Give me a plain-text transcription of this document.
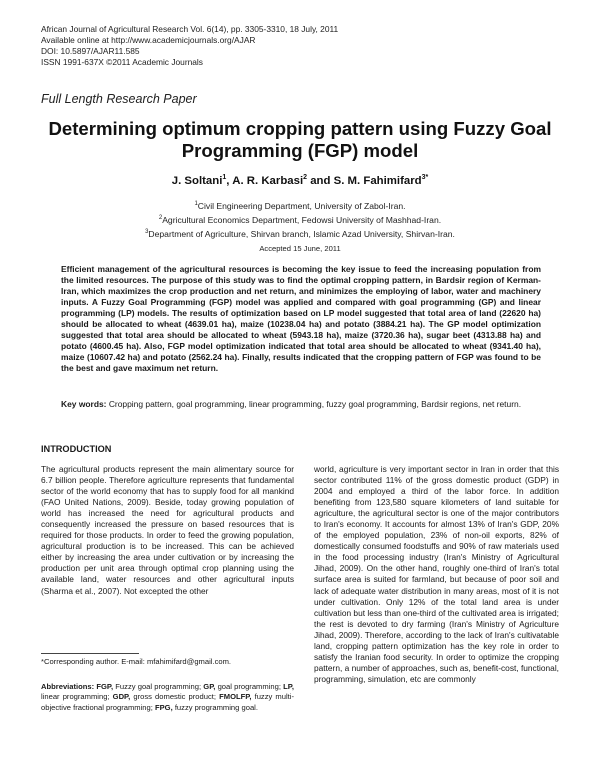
African Journal of Agricultural Research Vol. 6(14), pp. 3305-3310, 18 July, 2011
Available online at http://www.academicjournals.org/AJAR
DOI: 10.5897/AJAR11.585
ISSN 1991-637X ©2011 Academic Journals
Full Length Research Paper
Determining optimum cropping pattern using Fuzzy Goal Programming (FGP) model
J. Soltani$^1$, A. R. Karbasi$^2$ and S. M. Fahimifard$^{3*}$
$^1$Civil Engineering Department, University of Zabol-Iran.
$^2$Agricultural Economics Department, Fedowsi University of Mashhad-Iran.
$^3$Department of Agriculture, Shirvan branch, Islamic Azad University, Shirvan-Iran.
Accepted 15 June, 2011
Efficient management of the agricultural resources is becoming the key issue to feed the increasing population from the limited resources. The purpose of this study was to find the optimal cropping pattern, in Bardsir region of Kerman-Iran, which maximizes the crop production and net return, and minimizes the employing of labor, water and machinery inputs. A Fuzzy Goal Programming (FGP) model was applied and compared with goal programming (GP) and linear programming (LP) models. The results of optimization based on LP model suggested that total area of land (22620 ha) should be allocated to wheat (4639.01 ha), maize (10238.04 ha) and potato (3884.21 ha). The GP model optimization suggested that total area should be allocated to wheat (5943.18 ha), maize (3720.36 ha), sugar beet (4313.88 ha) and potato (4600.45 ha). Also, FGP model optimization indicated that total area should be allocated to wheat (9341.40 ha), maize (10607.42 ha) and potato (2562.24 ha). Finally, results indicated that the cropping pattern of FGP was found to be the best and gave maximum net return.
Key words: Cropping pattern, goal programming, linear programming, fuzzy goal programming, Bardsir regions, net return.
INTRODUCTION
The agricultural products represent the main alimentary source for 6.7 billion people. Therefore agriculture represents that fundamental sector of the world economy that has to supply food for all mankind (FAO United Nations, 2009). Beside, today growing population of world has increased the need for agricultural products and consequently increased the pressure on based resources that is required for those products. In order to feed the growing population, agricultural production is to be increased. This can be achieved either by increasing the area under cultivation or by increasing the production per unit area through optimal crop planning using the available land, water resources and other agricultural inputs (Sharma et al., 2007). Not excepted the other
world, agriculture is very important sector in Iran in order that this sector contributed 11% of the gross domestic product (GDP) in 2004 and employed a third of the labor force. In addition benefiting from 123,580 square kilometers of land suitable for agriculture, the agricultural sector is one of the major contributors to Iran's economy. It accounts for almost 13% of Iran's GDP, 20% of the employed population, 23% of non-oil exports, 82% of domestically consumed foodstuffs and 90% of raw materials used in the food processing industry (Iran's Ministry of Agricultural Jihad, 2009). On the other hand, roughly one-third of Iran's total surface area is suited for farmland, but because of poor soil and lack of adequate water distribution in many areas, most of it is not under cultivation. Only 12% of the total land area is under cultivation but less than one-third of the cultivated area is irrigated; the rest is devoted to dry farming (Iran's Ministry of Agriculture Jihad, 2009). Therefore, according to the lack of Iran's cultivatable land, cropping pattern optimization has the key role in order to satisfy the Iranian food security. In order to optimize the cropping pattern, a number of approaches, such as, benefit-cost, functional, programming, simulation, etc are commonly
*Corresponding author. E-mail: mfahimifard@gmail.com.
Abbreviations: FGP, Fuzzy goal programming; GP, goal programming; LP, linear programming; GDP, gross domestic product; FMOLFP, fuzzy multi-objective fractional programming; FPG, fuzzy programming goal.
